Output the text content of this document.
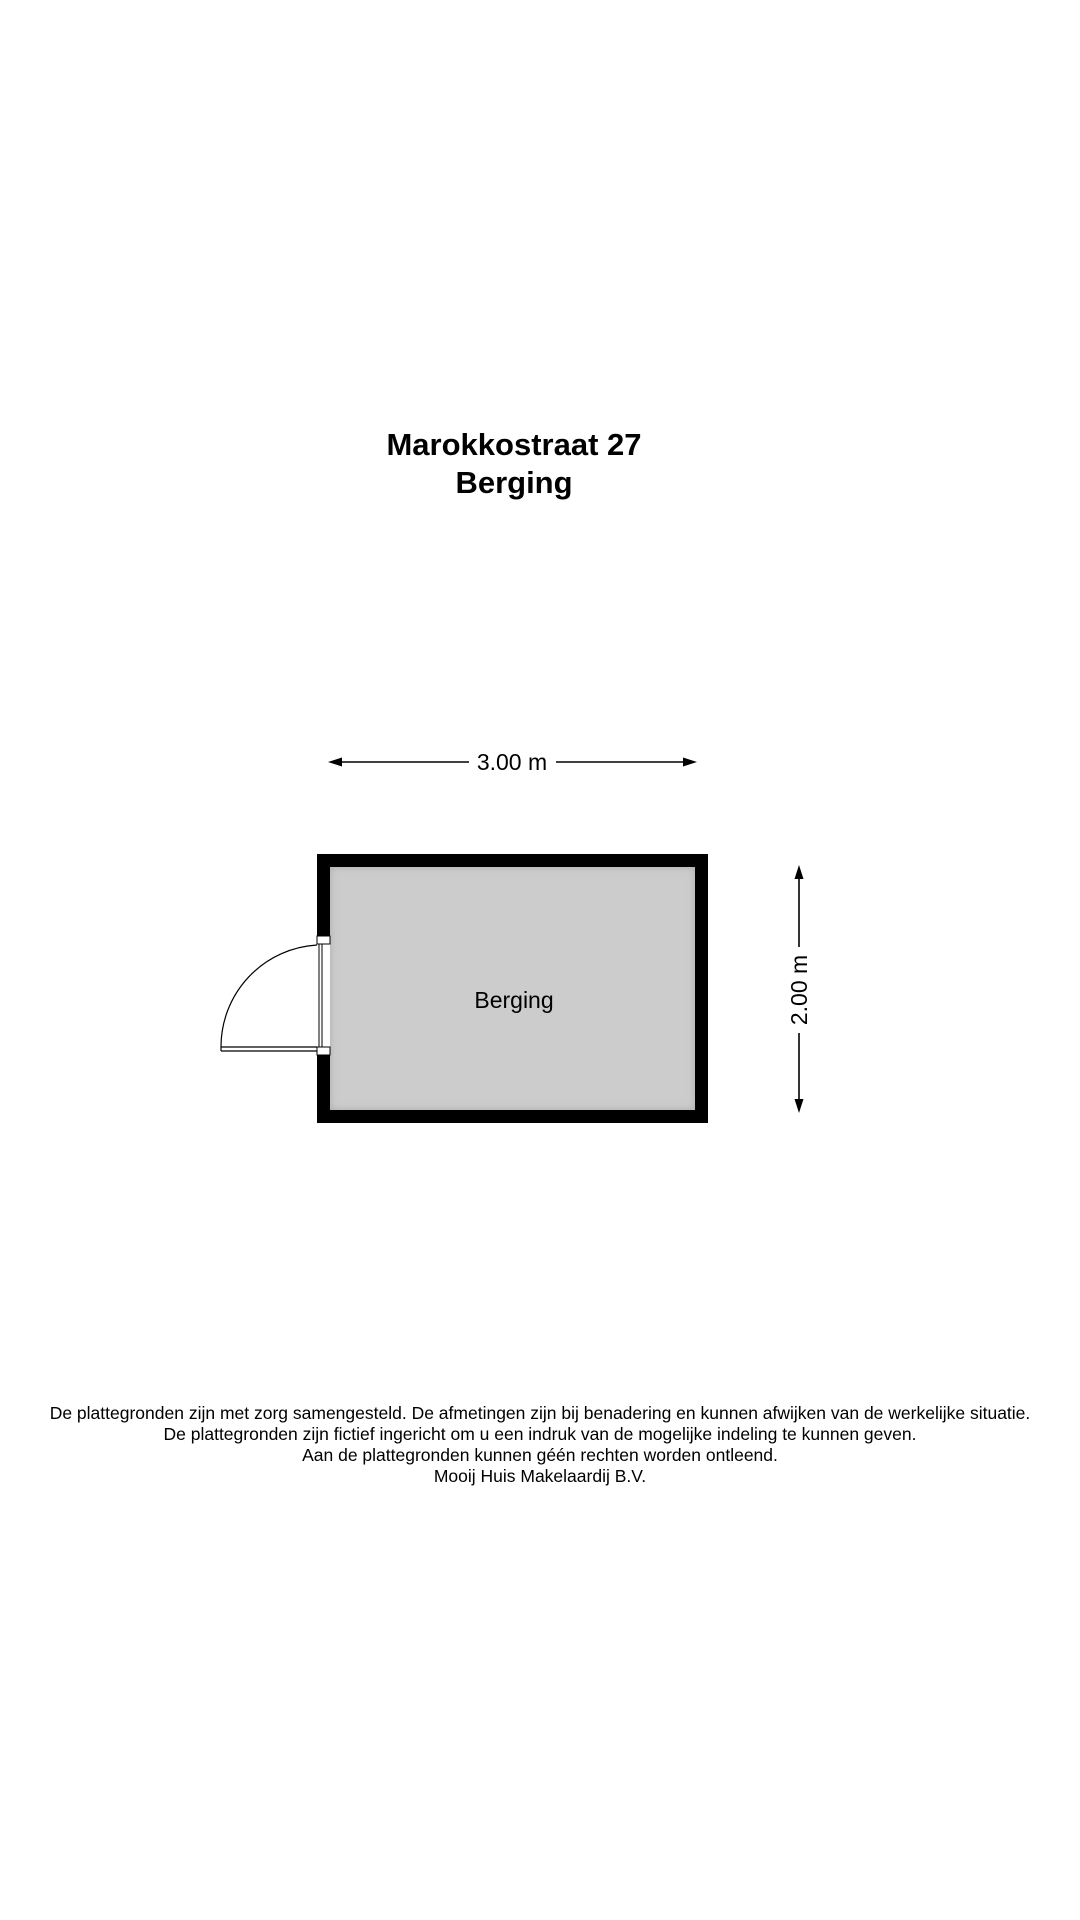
Marokkostraat 27
Berging
3.00 m
2.00 m
Berging
De plattegronden zijn met zorg samengesteld. De afmetingen zijn bij benadering en kunnen afwijken van de werkelijke situatie.
De plattegronden zijn fictief ingericht om u een indruk van de mogelijke indeling te kunnen geven.
Aan de plattegronden kunnen géén rechten worden ontleend.
Mooij Huis Makelaardij B.V.
